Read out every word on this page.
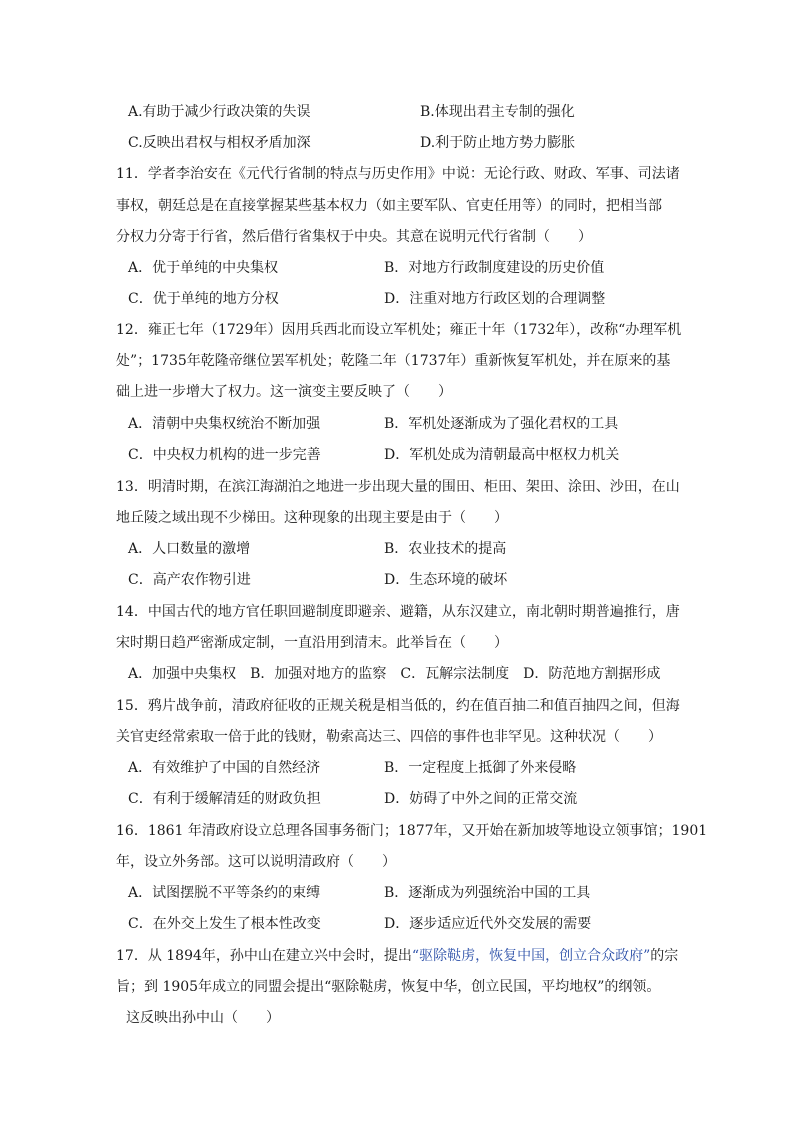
A.有助于减少行政决策的失误	B.体现出君主专制的强化
C.反映出君权与相权矛盾加深	D.利于防止地方势力膨胀
11．学者李治安在《元代行省制的特点与历史作用》中说：无论行政、财政、军事、司法诸
事权，朝廷总是在直接掌握某些基本权力（如主要军队、官吏任用等）的同时，把相当部
分权力分寄于行省，然后借行省集权于中央。其意在说明元代行省制（　　）
A．优于单纯的中央集权	B．对地方行政制度建设的历史价值
C．优于单纯的地方分权	D．注重对地方行政区划的合理调整
12．雍正七年（1729年）因用兵西北而设立军机处；雍正十年（1732年），改称“办理军机
处”；1735年乾隆帝继位罢军机处；乾隆二年（1737年）重新恢复军机处，并在原来的基
础上进一步增大了权力。这一演变主要反映了（　　）
A．清朝中央集权统治不断加强	B．军机处逐渐成为了强化君权的工具
C．中央权力机构的进一步完善	D．军机处成为清朝最高中枢权力机关
13．明清时期，在滨江海湖泊之地进一步出现大量的围田、柜田、架田、涂田、沙田，在山
地丘陵之域出现不少梯田。这种现象的出现主要是由于（　　）
A．人口数量的激增	B．农业技术的提高
C．高产农作物引进	D．生态环境的破坏
14．中国古代的地方官任职回避制度即避亲、避籍，从东汉建立，南北朝时期普遍推行，唐
宋时期日趋严密渐成定制，一直沿用到清末。此举旨在（　　）
A．加强中央集权　B．加强对地方的监察　C．瓦解宗法制度　D．防范地方割据形成
15．鸦片战争前，清政府征收的正规关税是相当低的，约在值百抽二和值百抽四之间，但海
关官吏经常索取一倍于此的钱财，勒索高达三、四倍的事件也非罕见。这种状况（　　）
A．有效维护了中国的自然经济	B．一定程度上抵御了外来侵略
C．有利于缓解清廷的财政负担	D．妨碍了中外之间的正常交流
16．1861 年清政府设立总理各国事务衙门；1877年，又开始在新加坡等地设立领事馆；1901
年，设立外务部。这可以说明清政府（　　）
A．试图摆脱不平等条约的束缚	B．逐渐成为列强统治中国的工具
C．在外交上发生了根本性改变	D．逐步适应近代外交发展的需要
17．从 1894年，孙中山在建立兴中会时，提出“驱除鞑虏，恢复中国，创立合众政府”的宗
旨；到 1905年成立的同盟会提出“驱除鞑虏，恢复中华，创立民国，平均地权”的纲领。
这反映出孙中山（　　）
